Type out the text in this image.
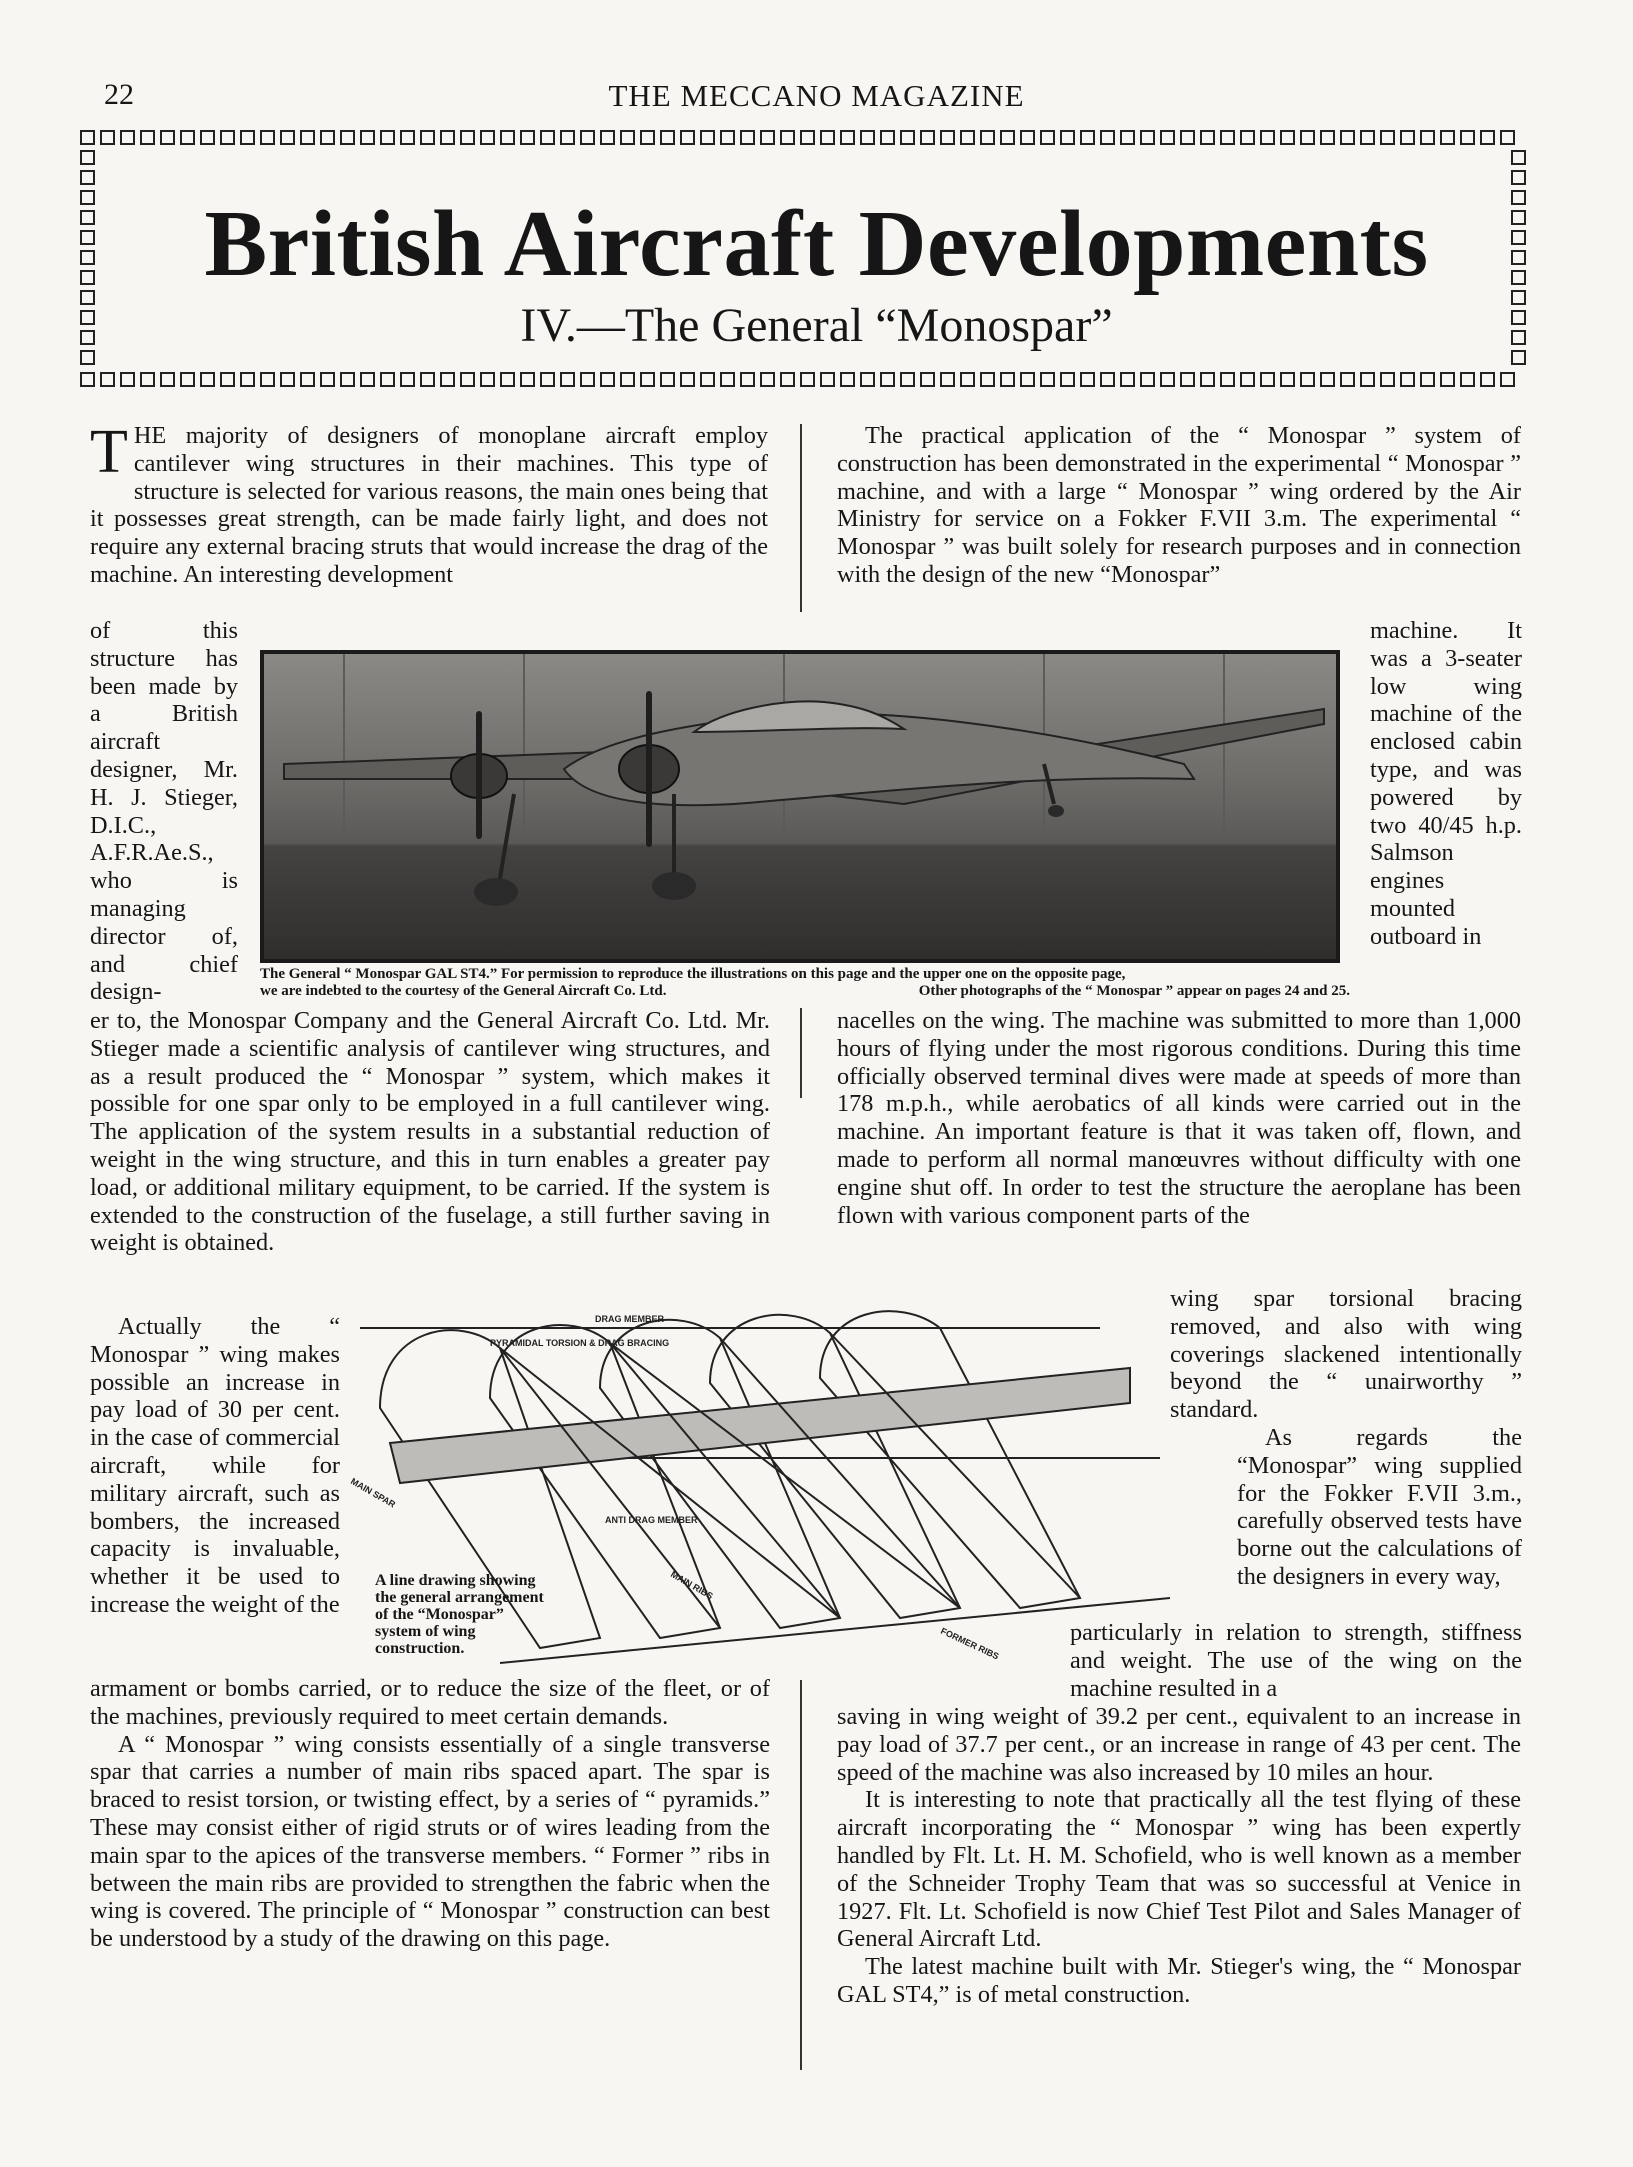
22	THE MECCANO MAGAZINE
British Aircraft Developments
IV.—The General “Monospar”

THE majority of designers of monoplane aircraft employ cantilever wing structures in their machines. This type of structure is selected for various reasons, the main ones being that it possesses great strength, can be made fairly light, and does not require any external bracing struts that would increase the drag of the machine. An interesting development

of this structure has been made by a British aircraft designer, Mr. H. J. Stieger, D.I.C., A.F.R.Ae.S., who is managing director of, and chief design-

er to, the Monospar Company and the General Aircraft Co. Ltd. Mr. Stieger made a scientific analysis of cantilever wing structures, and as a result produced the “ Monospar ” system, which makes it possible for one spar only to be employed in a full cantilever wing. The application of the system results in a substantial reduction of weight in the wing structure, and this in turn enables a greater pay load, or additional military equipment, to be carried. If the system is extended to the construction of the fuselage, a still further saving in weight is obtained.

Actually the “ Monospar ” wing makes possible an increase in pay load of 30 per cent. in the case of commercial aircraft, while for military aircraft, such as bombers, the increased capacity is invaluable, whether it be used to increase the weight of the

armament or bombs carried, or to reduce the size of the fleet, or of the machines, previously required to meet certain demands.

A “ Monospar ” wing consists essentially of a single transverse spar that carries a number of main ribs spaced apart. The spar is braced to resist torsion, or twisting effect, by a series of “ pyramids.” These may consist either of rigid struts or of wires leading from the main spar to the apices of the transverse members. “ Former ” ribs in between the main ribs are provided to strengthen the fabric when the wing is covered. The principle of “ Monospar ” construction can best be understood by a study of the drawing on this page.

The practical application of the “ Monospar ” system of construction has been demonstrated in the experimental “ Monospar ” machine, and with a large “ Monospar ” wing ordered by the Air Ministry for service on a Fokker F.VII 3.m. The experimental “ Monospar ” was built solely for research purposes and in connection with the design of the new “Monospar”

machine. It was a 3-seater low wing machine of the enclosed cabin type, and was powered by two 40/45 h.p. Salmson engines mounted outboard in

nacelles on the wing. The machine was submitted to more than 1,000 hours of flying under the most rigorous conditions. During this time officially observed terminal dives were made at speeds of more than 178 m.p.h., while aerobatics of all kinds were carried out in the machine. An important feature is that it was taken off, flown, and made to perform all normal manœuvres without difficulty with one engine shut off. In order to test the structure the aeroplane has been flown with various component parts of the

wing spar torsional bracing removed, and also with wing coverings slackened intentionally beyond the “ unairworthy ” standard.

As regards the “Monospar” wing supplied for the Fokker F.VII 3.m., carefully observed tests have borne out the calculations of the designers in every way,

particularly in relation to strength, stiffness and weight. The use of the wing on the machine resulted in a

saving in wing weight of 39.2 per cent., equivalent to an increase in pay load of 37.7 per cent., or an increase in range of 43 per cent. The speed of the machine was also increased by 10 miles an hour.

It is interesting to note that practically all the test flying of these aircraft incorporating the “ Monospar ” wing has been expertly handled by Flt. Lt. H. M. Schofield, who is well known as a member of the Schneider Trophy Team that was so successful at Venice in 1927. Flt. Lt. Schofield is now Chief Test Pilot and Sales Manager of General Aircraft Ltd.

The latest machine built with Mr. Stieger's wing, the “ Monospar GAL ST4,” is of metal construction.

The General “ Monospar GAL ST4.” For permission to reproduce the illustrations on this page and the upper one on the opposite page,
we are indebted to the courtesy of the General Aircraft Co. Ltd.	Other photographs of the “ Monospar ” appear on pages 24 and 25.
DRAG MEMBER
PYRAMIDAL TORSION & DRAG BRACING
MAIN SPAR
ANTI DRAG MEMBER
MAIN RIBS
FORMER RIBS
A line drawing showing the general arrangement of the “Monospar” system of wing construction.
